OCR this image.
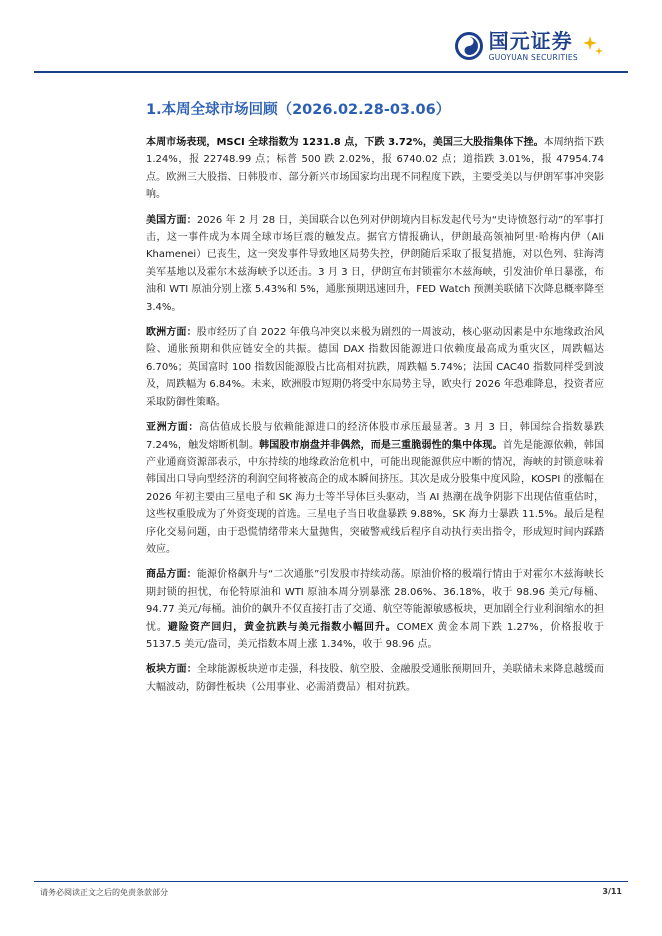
国元证券
GUOYUAN SECURITIES
1.本周全球市场回顾（2026.02.28-03.06）

本周市场表现，MSCI 全球指数为 1231.8 点，下跌 3.72%，美国三大股指集体下挫。本周纳指下跌 1.24%，报 22748.99 点；标普 500 跌 2.02%，报 6740.02 点；道指跌 3.01%，报 47954.74 点。欧洲三大股指、日韩股市、部分新兴市场国家均出现不同程度下跌，主要受美以与伊朗军事冲突影响。

美国方面：2026 年 2 月 28 日，美国联合以色列对伊朗境内目标发起代号为“史诗愤怒行动”的军事打击，这一事件成为本周全球市场巨震的触发点。据官方情报确认，伊朗最高领袖阿里·哈梅内伊（Ali Khamenei）已丧生，这一突发事件导致地区局势失控，伊朗随后采取了报复措施，对以色列、驻海湾美军基地以及霍尔木兹海峡予以还击。3 月 3 日，伊朗宣布封锁霍尔木兹海峡，引发油价单日暴涨，布油和 WTI 原油分别上涨 5.43%和 5%，通胀预期迅速回升，FED Watch 预测美联储下次降息概率降至 3.4%。

欧洲方面：股市经历了自 2022 年俄乌冲突以来极为剧烈的一周波动，核心驱动因素是中东地缘政治风险、通胀预期和供应链安全的共振。德国 DAX 指数因能源进口依赖度最高成为重灾区，周跌幅达 6.70%；英国富时 100 指数因能源股占比高相对抗跌，周跌幅 5.74%；法国 CAC40 指数同样受到波及，周跌幅为 6.84%。未来，欧洲股市短期仍将受中东局势主导，欧央行 2026 年恐难降息，投资者应采取防御性策略。

亚洲方面：高估值成长股与依赖能源进口的经济体股市承压最显著。3 月 3 日，韩国综合指数暴跌 7.24%，触发熔断机制。韩国股市崩盘并非偶然，而是三重脆弱性的集中体现。首先是能源依赖，韩国产业通商资源部表示，中东持续的地缘政治危机中，可能出现能源供应中断的情况，海峡的封锁意味着韩国出口导向型经济的利润空间将被高企的成本瞬间挤压。其次是成分股集中度风险，KOSPI 的涨幅在 2026 年初主要由三星电子和 SK 海力士等半导体巨头驱动，当 AI 热潮在战争阴影下出现估值重估时，这些权重股成为了外资变现的首选。三星电子当日收盘暴跌 9.88%，SK 海力士暴跌 11.5%。最后是程序化交易问题，由于恐慌情绪带来大量抛售，突破警戒线后程序自动执行卖出指令，形成短时间内踩踏效应。

商品方面：能源价格飙升与“二次通胀”引发股市持续动荡。原油价格的极端行情由于对霍尔木兹海峡长期封锁的担忧，布伦特原油和 WTI 原油本周分别暴涨 28.06%、36.18%，收于 98.96 美元/每桶、94.77 美元/每桶。油价的飙升不仅直接打击了交通、航空等能源敏感板块，更加剧全行业利润缩水的担忧。避险资产回归，黄金抗跌与美元指数小幅回升。COMEX 黄金本周下跌 1.27%，价格报收于 5137.5 美元/盎司，美元指数本周上涨 1.34%，收于 98.96 点。

板块方面：全球能源板块逆市走强，科技股、航空股、金融股受通胀预期回升，美联储未来降息越缓而大幅波动，防御性板块（公用事业、必需消费品）相对抗跌。

请务必阅读正文之后的免责条款部分	3/11
